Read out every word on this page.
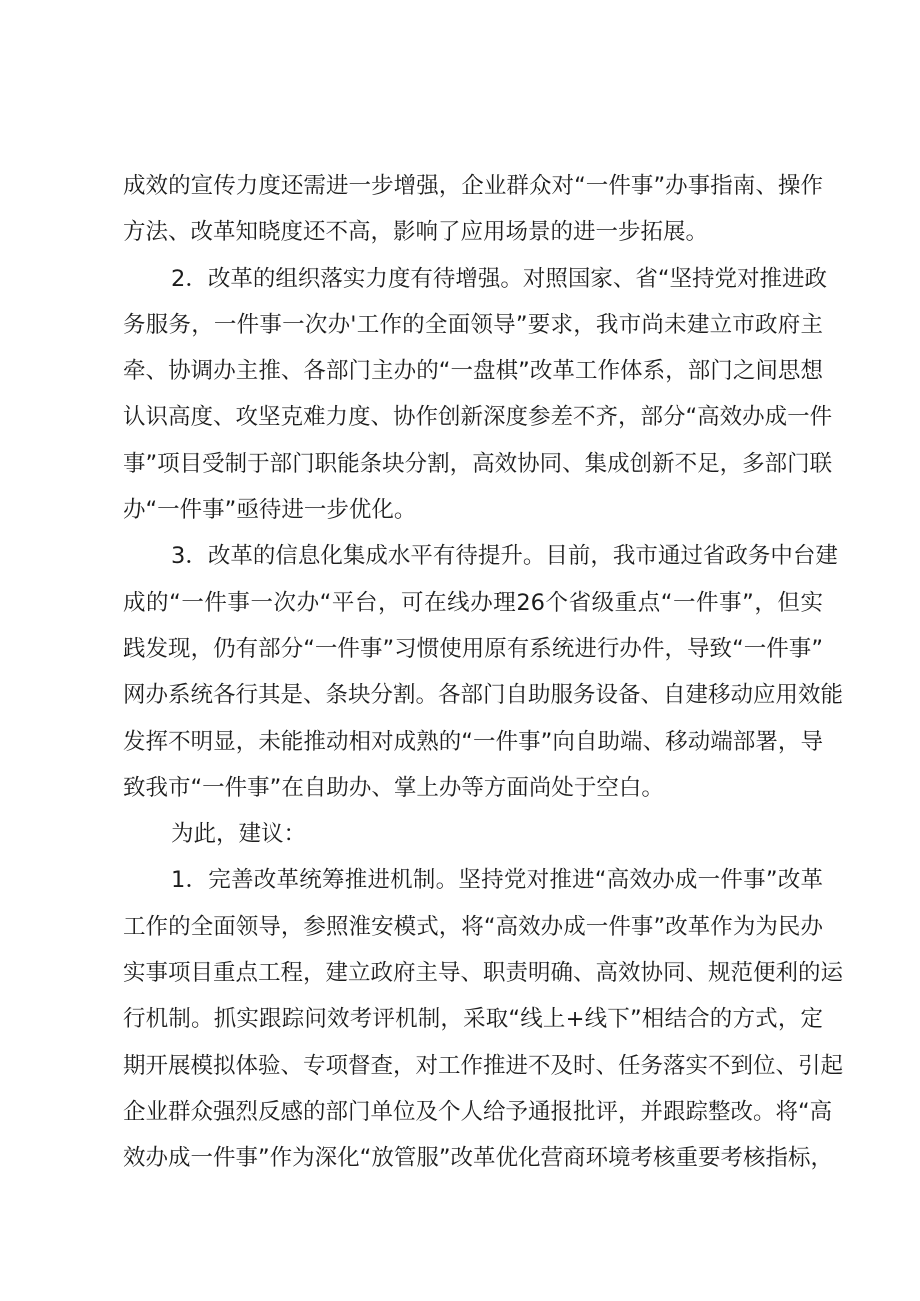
成效的宣传力度还需进一步增强，企业群众对“一件事”办事指南、操作
方法、改革知晓度还不高，影响了应用场景的进一步拓展。
2．改革的组织落实力度有待增强。对照国家、省“坚持党对推进政
务服务，一件事一次办'工作的全面领导”要求，我市尚未建立市政府主
牵、协调办主推、各部门主办的“一盘棋”改革工作体系，部门之间思想
认识高度、攻坚克难力度、协作创新深度参差不齐，部分“高效办成一件
事”项目受制于部门职能条块分割，高效协同、集成创新不足，多部门联
办“一件事”亟待进一步优化。
3．改革的信息化集成水平有待提升。目前，我市通过省政务中台建
成的“一件事一次办“平台，可在线办理26个省级重点“一件事”，但实
践发现，仍有部分“一件事”习惯使用原有系统进行办件，导致“一件事”
网办系统各行其是、条块分割。各部门自助服务设备、自建移动应用效能
发挥不明显，未能推动相对成熟的“一件事”向自助端、移动端部署，导
致我市“一件事”在自助办、掌上办等方面尚处于空白。
为此，建议：
1．完善改革统筹推进机制。坚持党对推进“高效办成一件事”改革
工作的全面领导，参照淮安模式，将“高效办成一件事”改革作为为民办
实事项目重点工程，建立政府主导、职责明确、高效协同、规范便利的运
行机制。抓实跟踪问效考评机制，采取“线上+线下”相结合的方式，定
期开展模拟体验、专项督查，对工作推进不及时、任务落实不到位、引起
企业群众强烈反感的部门单位及个人给予通报批评，并跟踪整改。将“高
效办成一件事”作为深化“放管服”改革优化营商环境考核重要考核指标，
